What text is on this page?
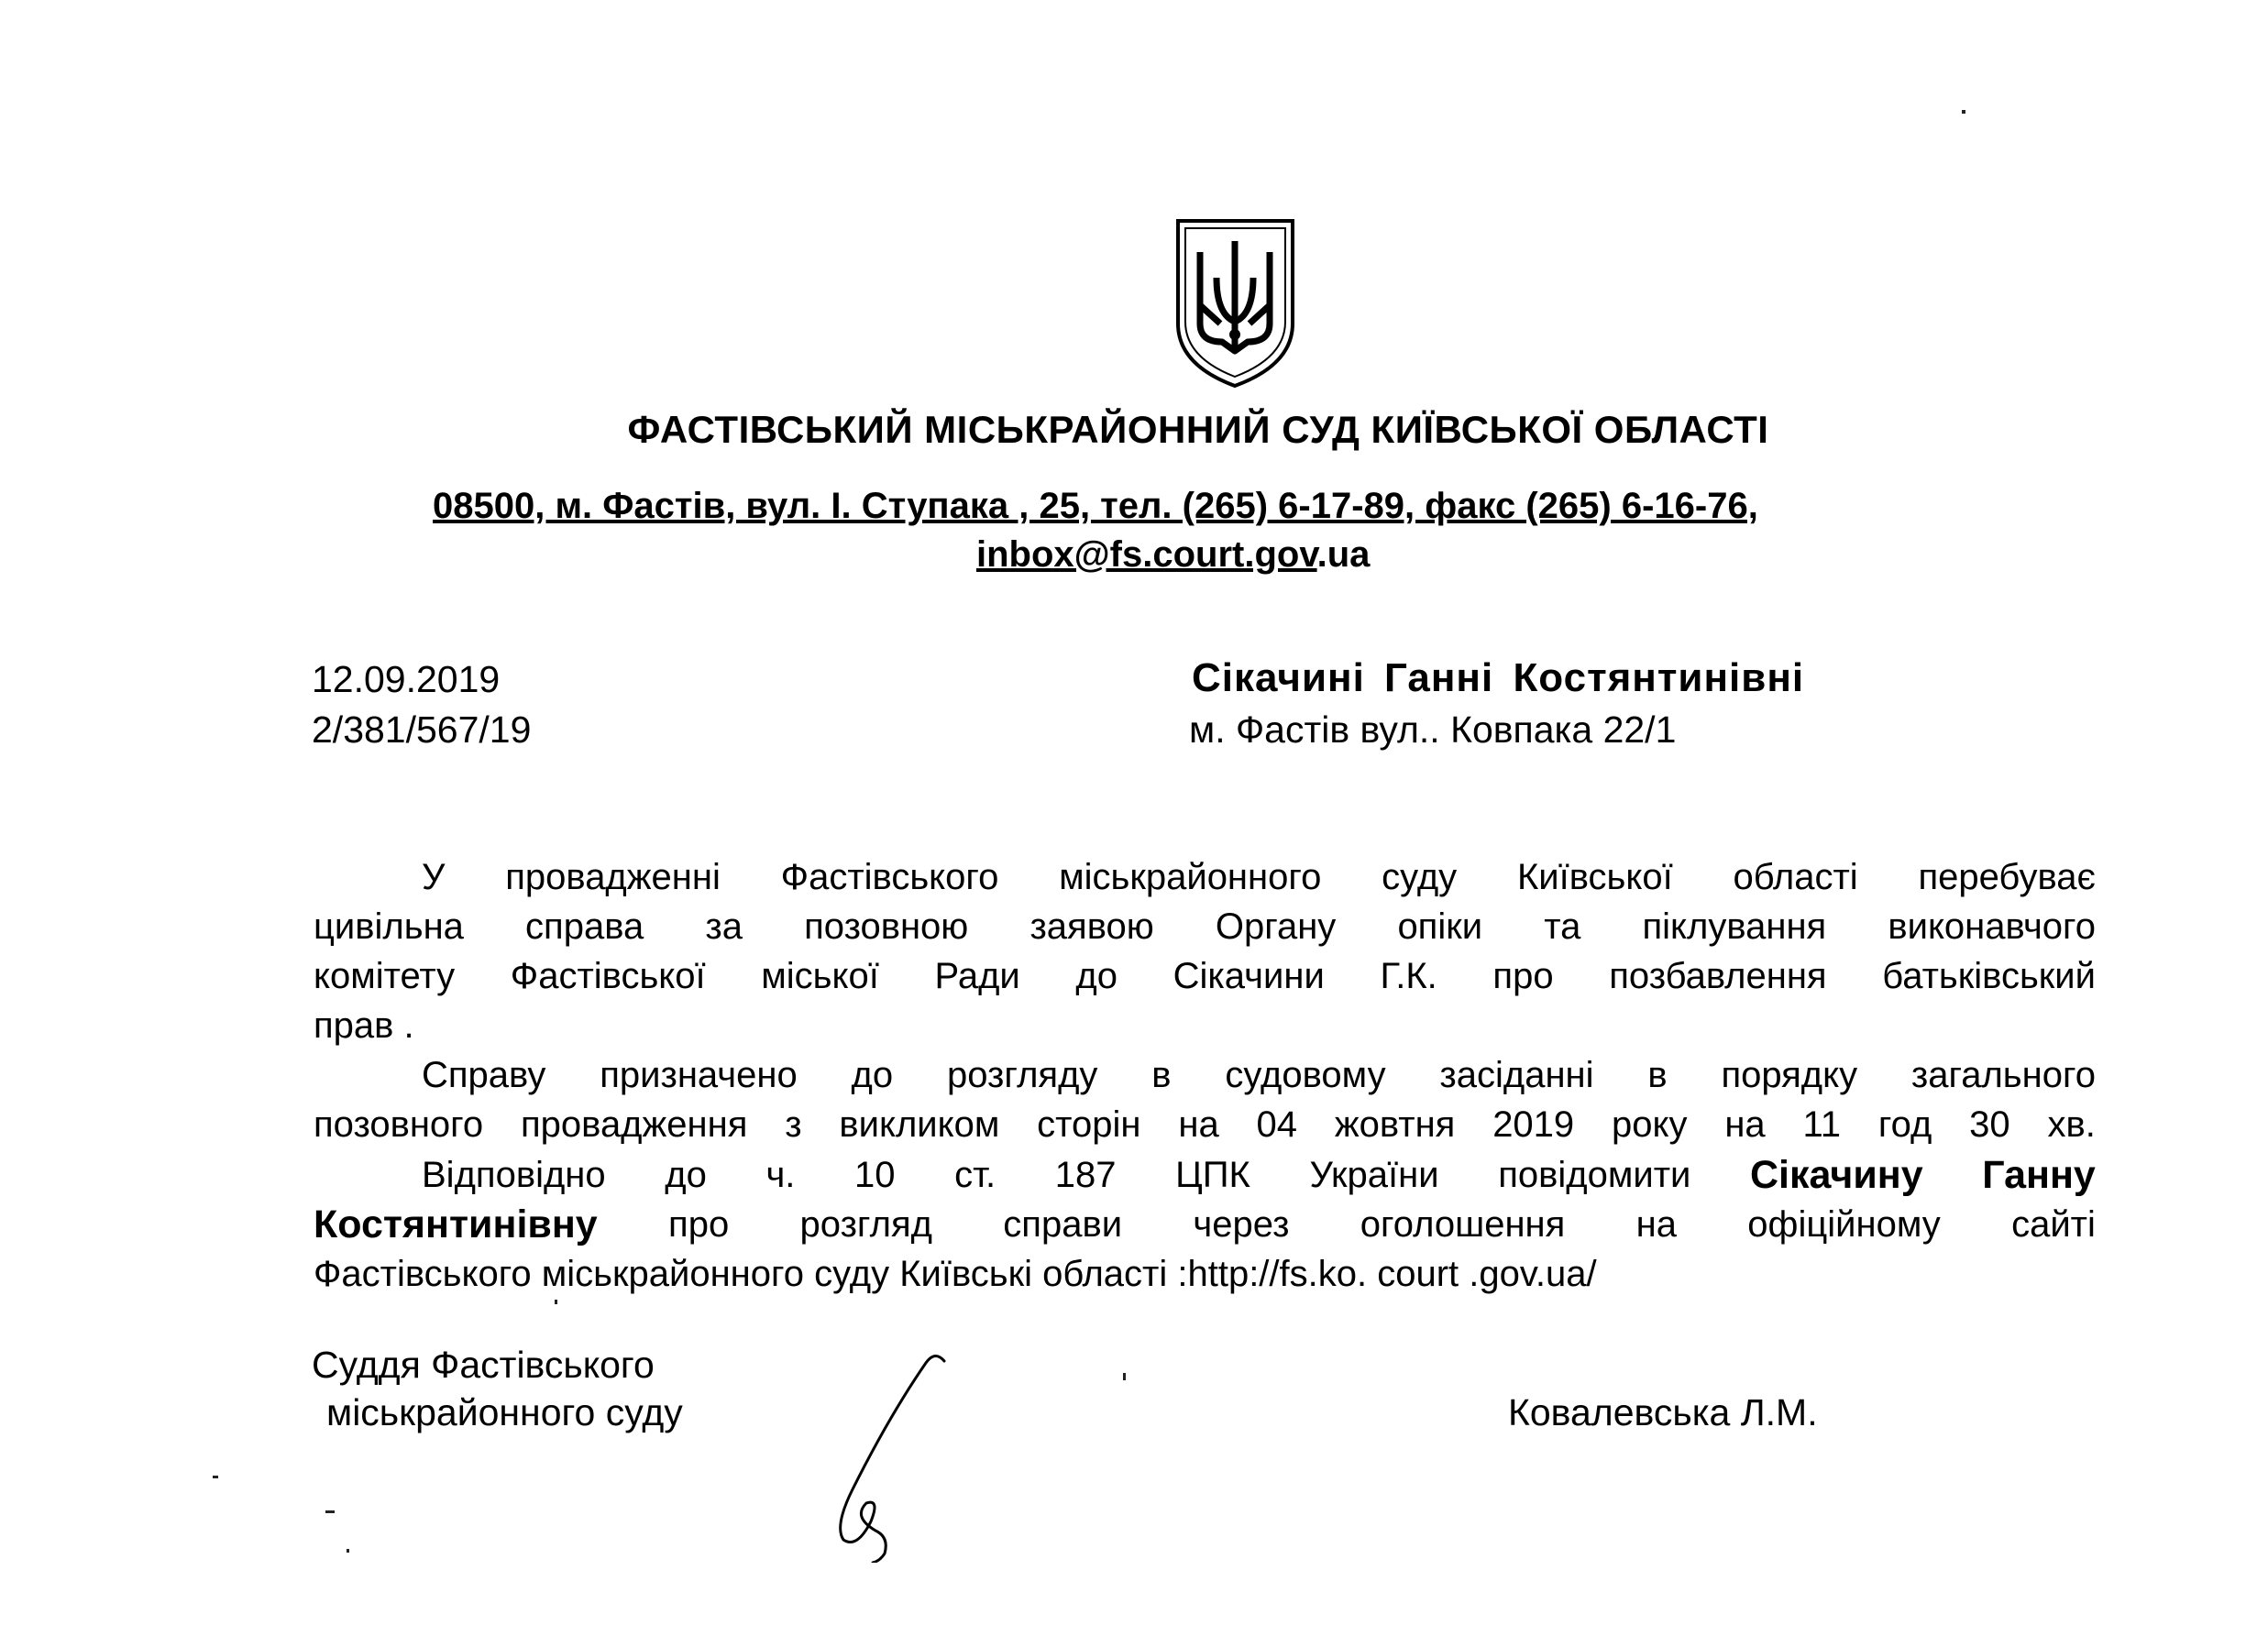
ФАСТІВСЬКИЙ МІСЬКРАЙОННИЙ СУД КИЇВСЬКОЇ ОБЛАСТІ
08500, м. Фастів, вул. І. Ступака , 25, тел. (265) 6-17-89, факс (265) 6-16-76,
inbox@fs.court.gov.ua
12.09.2019
2/381/567/19
Сікачині Ганні Костянтинівні
м. Фастів вул.. Ковпака 22/1
У провадженні Фастівського міськрайонного суду Київської області перебуває
цивільна справа за позовною заявою Органу опіки та піклування виконавчого
комітету Фастівської міської Ради до Сікачини Г.К. про позбавлення батьківський
прав .
Справу призначено до розгляду в судовому засіданні в порядку загального
позовного провадження з викликом сторін на 04 жовтня 2019 року на 11 год 30 хв.
Відповідно до ч. 10 ст. 187 ЦПК України повідомити Сікачину Ганну
Костянтинівну про розгляд справи через оголошення на офіційному сайті
Фастівського міськрайонного суду Київські області :http://fs.ko. court .gov.ua/
Суддя Фастівського
міськрайонного суду	Ковалевська Л.М.
